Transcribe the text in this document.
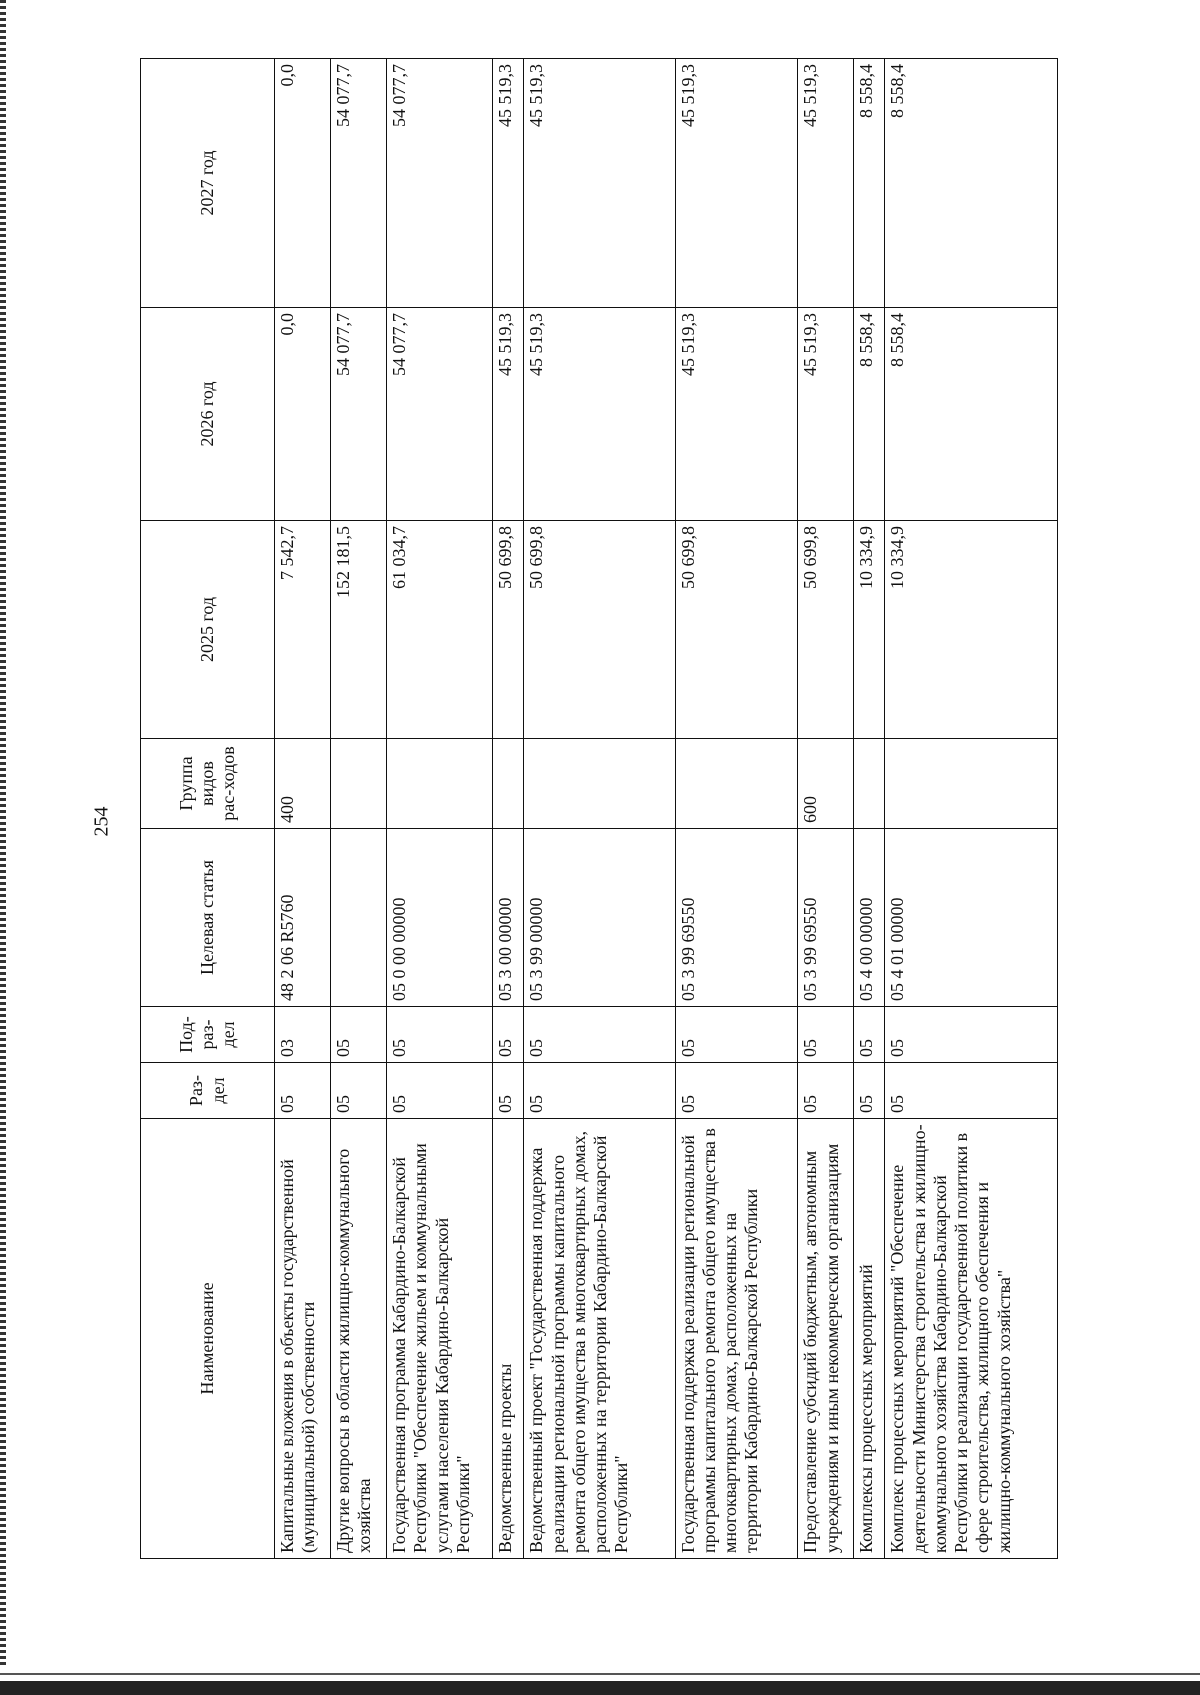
254
Наименование	Раз-дел	Под-раз-дел	Целевая статья	Группа видов рас-ходов	2025 год	2026 год	2027 год
Капитальные вложения в объекты государственной (муниципальной) собственности	05	03	48 2 06 R5760	400	7 542,7	0,0	0,0
Другие вопросы в области жилищно-коммунального хозяйства	05	05			152 181,5	54 077,7	54 077,7
Государственная программа Кабардино-Балкарской Республики "Обеспечение жильем и коммунальными услугами населения Кабардино-Балкарской Республики"	05	05	05 0 00 00000		61 034,7	54 077,7	54 077,7
Ведомственные проекты	05	05	05 3 00 00000		50 699,8	45 519,3	45 519,3
Ведомственный проект "Государственная поддержка реализации региональной программы капитального ремонта общего имущества в многоквартирных домах, расположенных на территории Кабардино-Балкарской Республики"	05	05	05 3 99 00000		50 699,8	45 519,3	45 519,3
Государственная поддержка реализации региональной программы капитального ремонта общего имущества в многоквартирных домах, расположенных на территории Кабардино-Балкарской Республики	05	05	05 3 99 69550		50 699,8	45 519,3	45 519,3
Предоставление субсидий бюджетным, автономным учреждениям и иным некоммерческим организациям	05	05	05 3 99 69550	600	50 699,8	45 519,3	45 519,3
Комплексы процессных мероприятий	05	05	05 4 00 00000		10 334,9	8 558,4	8 558,4
Комплекс процессных мероприятий "Обеспечение деятельности Министерства строительства и жилищно-коммунального хозяйства Кабардино-Балкарской Республики и реализации государственной политики в сфере строительства, жилищного обеспечения и жилищно-коммунального хозяйства"	05	05	05 4 01 00000		10 334,9	8 558,4	8 558,4
